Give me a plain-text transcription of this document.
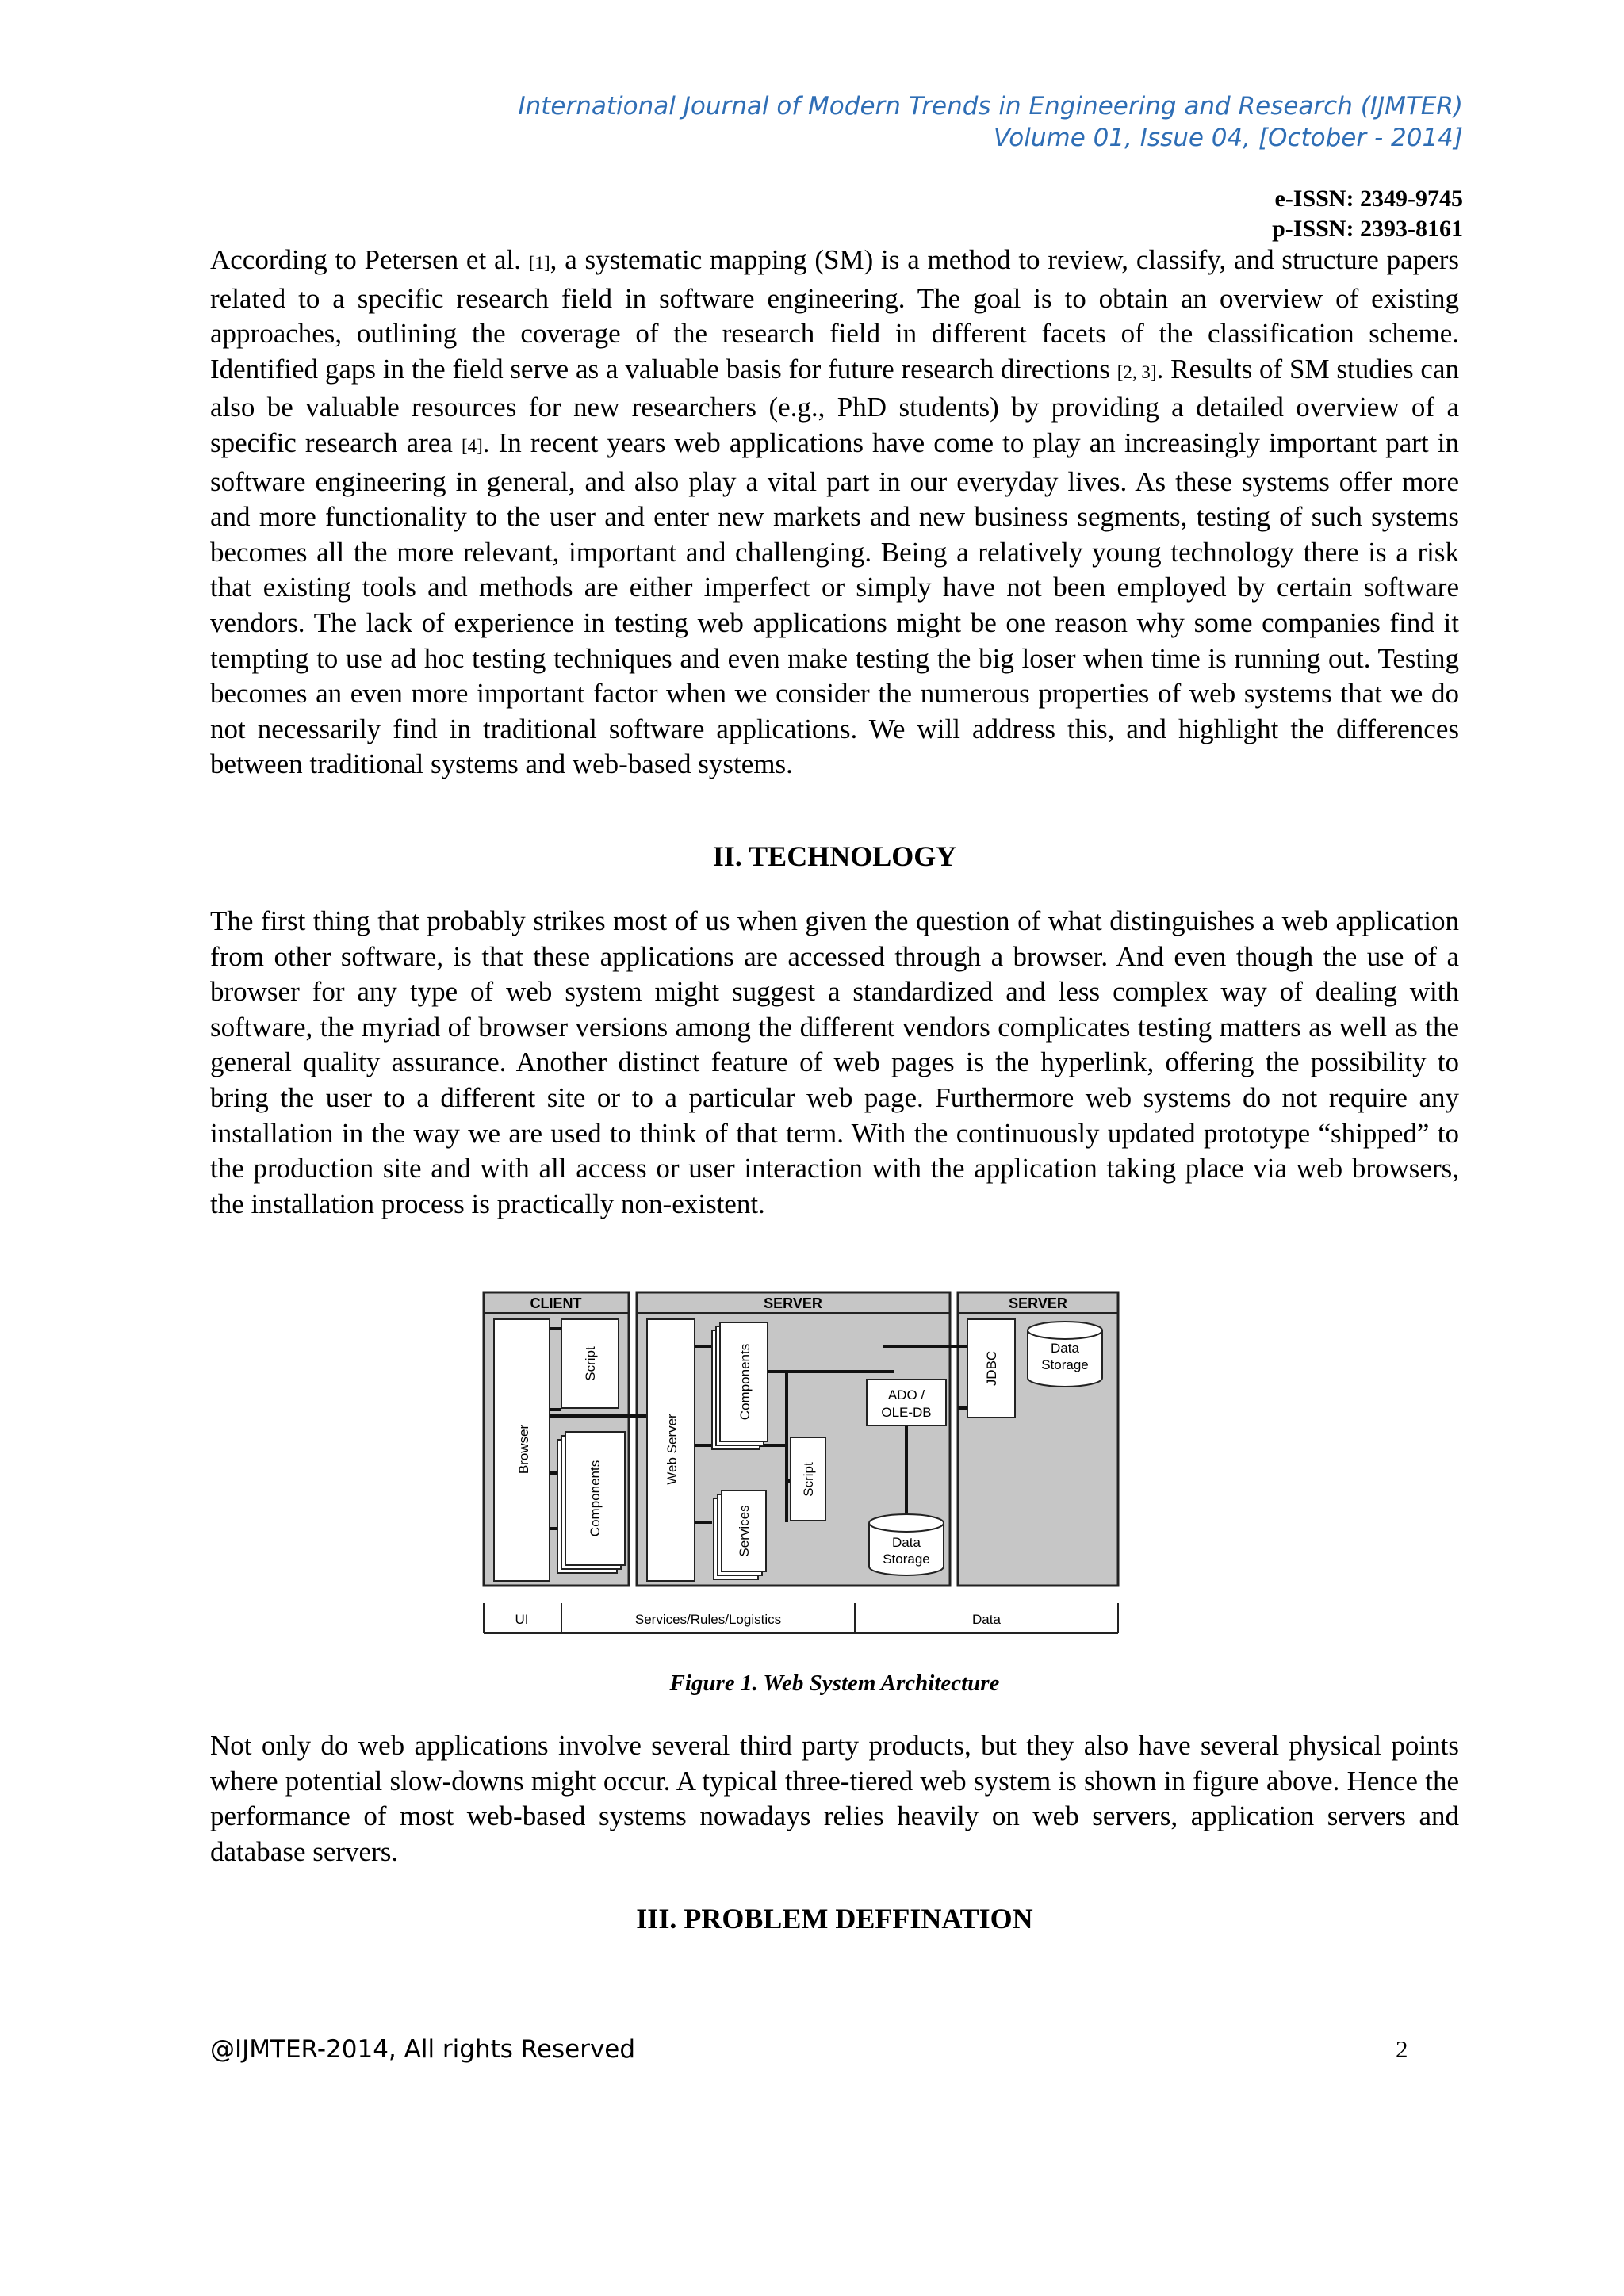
International Journal of Modern Trends in Engineering and Research (IJMTER)
Volume 01, Issue 04, [October - 2014]
e-ISSN: 2349-9745
p-ISSN: 2393-8161

According to Petersen et al. [1], a systematic mapping (SM) is a method to review, classify, and structure papers related to a specific research field in software engineering. The goal is to obtain an overview of existing approaches, outlining the coverage of the research field in different facets of the classification scheme. Identified gaps in the field serve as a valuable basis for future research directions [2, 3]. Results of SM studies can also be valuable resources for new researchers (e.g., PhD students) by providing a detailed overview of a specific research area [4]. In recent years web applications have come to play an increasingly important part in software engineering in general, and also play a vital part in our everyday lives. As these systems offer more and more functionality to the user and enter new markets and new business segments, testing of such systems becomes all the more relevant, important and challenging. Being a relatively young technology there is a risk that existing tools and methods are either imperfect or simply have not been employed by certain software vendors. The lack of experience in testing web applications might be one reason why some companies find it tempting to use ad hoc testing techniques and even make testing the big loser when time is running out. Testing becomes an even more important factor when we consider the numerous properties of web systems that we do not necessarily find in traditional software applications. We will address this, and highlight the differences between traditional systems and web-based systems.

II. TECHNOLOGY

The first thing that probably strikes most of us when given the question of what distinguishes a web application from other software, is that these applications are accessed through a browser. And even though the use of a browser for any type of web system might suggest a standardized and less complex way of dealing with software, the myriad of browser versions among the different vendors complicates testing matters as well as the general quality assurance. Another distinct feature of web pages is the hyperlink, offering the possibility to bring the user to a different site or to a particular web page. Furthermore web systems do not require any installation in the way we are used to think of that term. With the continuously updated prototype “shipped” to the production site and with all access or user interaction with the application taking place via web browsers, the installation process is practically non-existent.

CLIENT	SERVER	SERVER
Browser
Script
Components
Web Server
Components	ADO /
OLE-DB
Script
Services	Data
Storage
JDBC
Data
Storage
UI	Services/Rules/Logistics	Data
Figure 1. Web System Architecture

Not only do web applications involve several third party products, but they also have several physical points where potential slow-downs might occur. A typical three-tiered web system is shown in figure above. Hence the performance of most web-based systems nowadays relies heavily on web servers, application servers and database servers.

III. PROBLEM DEFFINATION
@IJMTER-2014, All rights Reserved	2
